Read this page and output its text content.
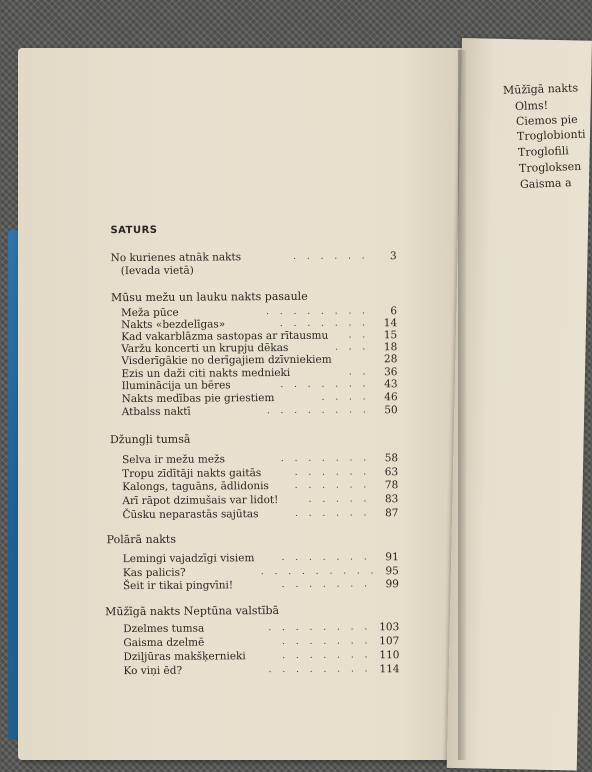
Mūžīgā nakts
Olms!
Ciemos pie
Troglobionti
Troglofili
Trogloksen
Gaisma a
SATURS
No kurienes atnāk nakts	. . . . . .	3
(Ievada vietā)
Mūsu mežu un lauku nakts pasaule
Meža pūce	. . . . . . . .	6
Nakts «bezdelīgas»	. . . . . . .	14
Kad vakarblāzma sastopas ar rītausmu	. .	15
Varžu koncerti un krupju dēkas	. . .	18
Visderīgākie no derīgajiem dzīvniekiem	28
Ezis un daži citi nakts mednieki	. .	36
Iluminācija un bēres	. . . . . . .	43
Nakts medības pie griestiem	. . . .	46
Atbalss naktī	. . . . . . . .	50
Džungļi tumsā
Selva ir mežu mežs	. . . . . . .	58
Tropu zīdītāji nakts gaitās	. . . . . .	63
Kalongs, taguāns, ādlidonis	. . . . . .	78
Arī rāpot dzimušais var lidot!	. . . . .	83
Čūsku neparastās sajūtas	. . . . . .	87
Polārā nakts
Lemingi vajadzīgi visiem	. . . . . . .	91
Kas palicis?	. . . . . . . . . 95
Šeit ir tikai pingvīni!	. . . . . . .	99
Mūžīgā nakts Neptūna valstībā
Dzelmes tumsa	. . . . . . . . 103
Gaisma dzelmē	. . . . . . . 107
Dziļjūras makšķernieki	. . . . . . . 110
Ko viņi ēd?	. . . . . . . . 114
